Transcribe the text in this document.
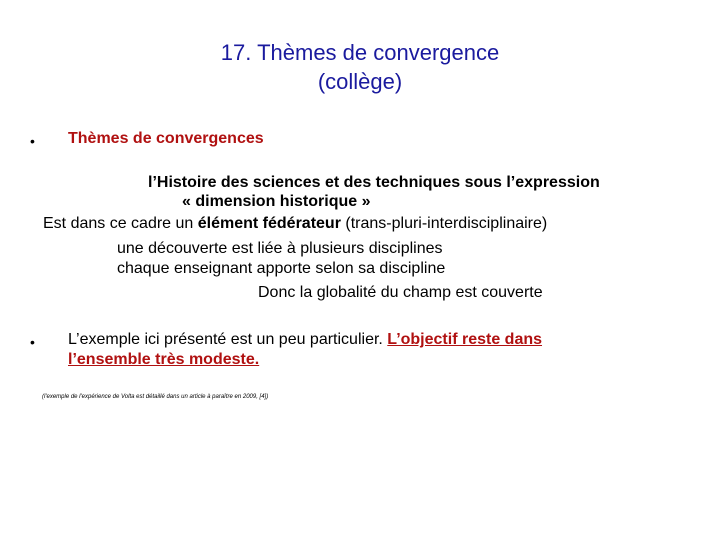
17. Thèmes de convergence
(collège)
• Thèmes de convergences
l’Histoire des sciences et des techniques sous l’expression
« dimension historique »
Est dans ce cadre un élément fédérateur (trans-pluri-interdisciplinaire)
une découverte est liée à plusieurs disciplines
chaque enseignant apporte selon sa discipline
Donc la globalité du champ est couverte
• L’exemple ici présenté est un peu particulier. L’objectif reste dans l’ensemble très modeste.
(l'exemple de l'expérience de Volta est détaillé dans un article à paraître en 2009, [4])
